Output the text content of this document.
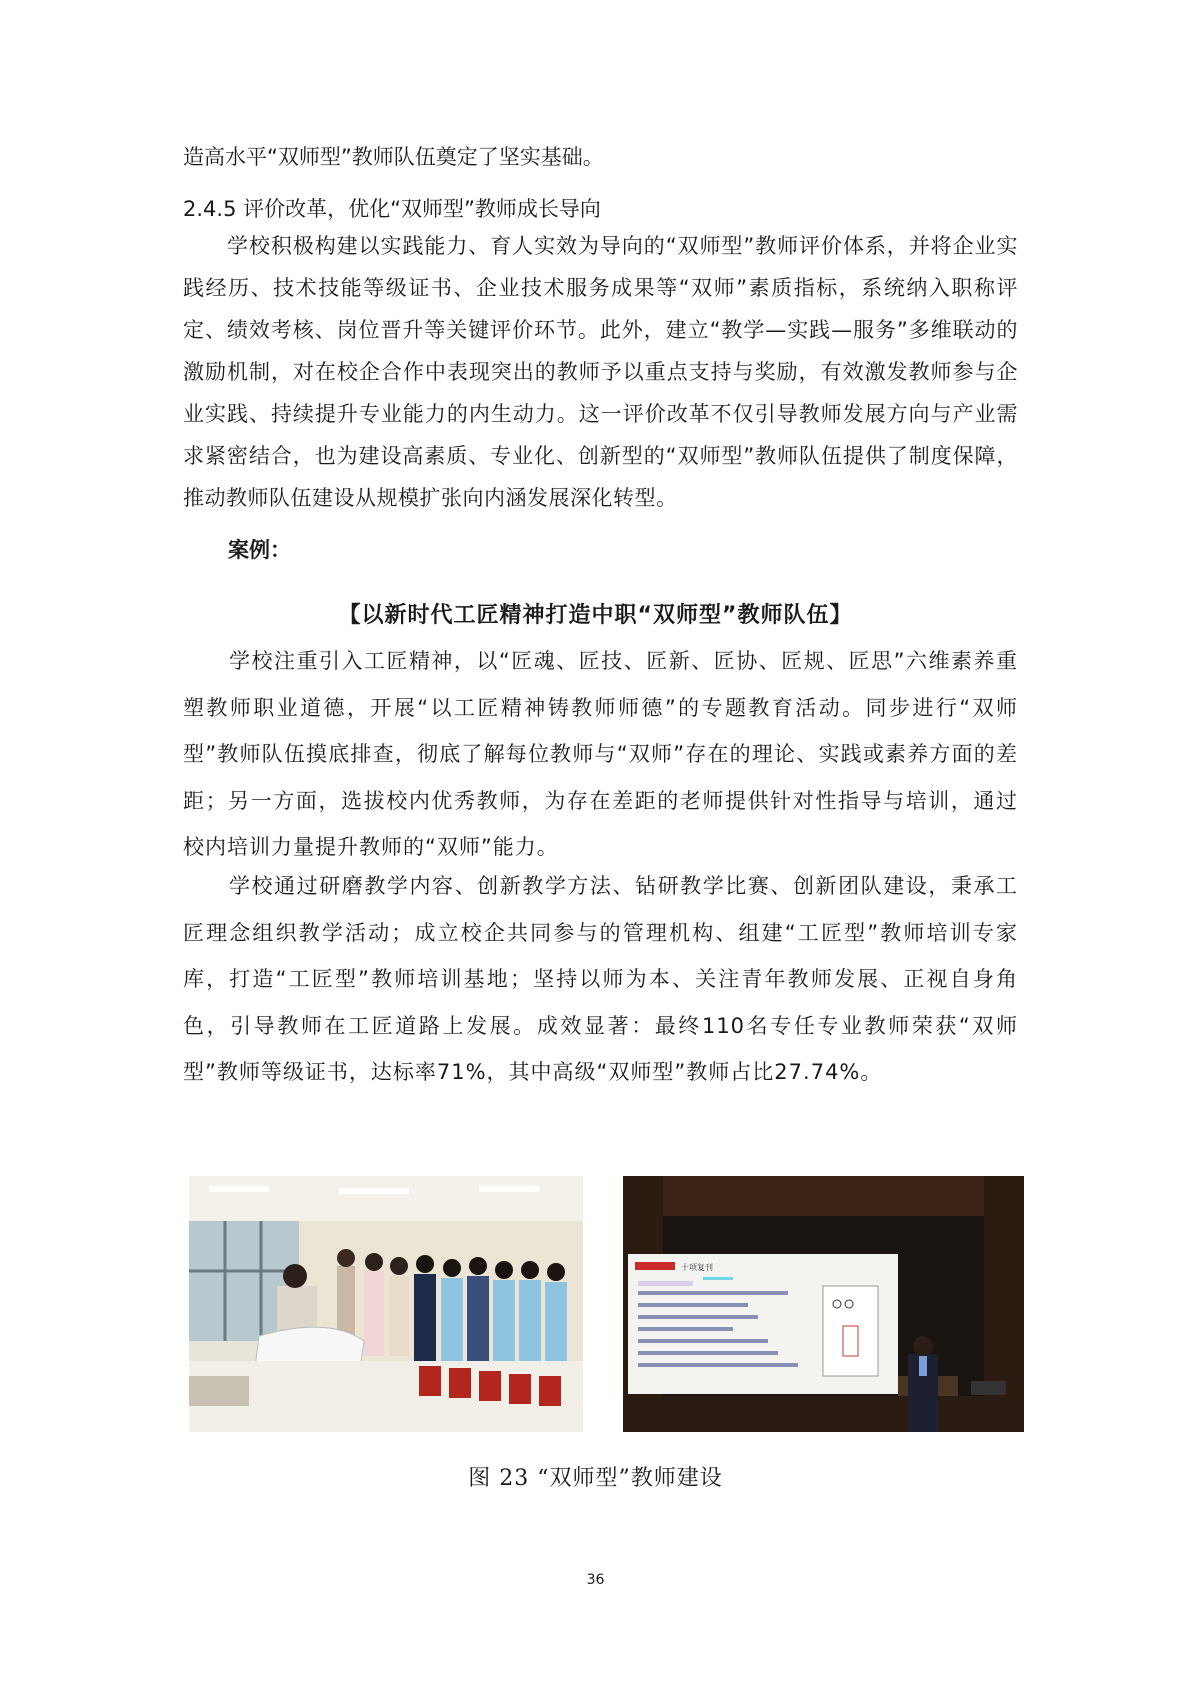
造高水平“双师型”教师队伍奠定了坚实基础。
2.4.5 评价改革，优化“双师型”教师成长导向

学校积极构建以实践能力、育人实效为导向的“双师型”教师评价体系，并将企业实践经历、技术技能等级证书、企业技术服务成果等“双师”素质指标，系统纳入职称评定、绩效考核、岗位晋升等关键评价环节。此外，建立“教学—实践—服务”多维联动的激励机制，对在校企合作中表现突出的教师予以重点支持与奖励，有效激发教师参与企业实践、持续提升专业能力的内生动力。这一评价改革不仅引导教师发展方向与产业需求紧密结合，也为建设高素质、专业化、创新型的“双师型”教师队伍提供了制度保障，推动教师队伍建设从规模扩张向内涵发展深化转型。

案例：
【以新时代工匠精神打造中职“双师型”教师队伍】

学校注重引入工匠精神，以“匠魂、匠技、匠新、匠协、匠规、匠思”六维素养重塑教师职业道德，开展“以工匠精神铸教师师德”的专题教育活动。同步进行“双师型”教师队伍摸底排查，彻底了解每位教师与“双师”存在的理论、实践或素养方面的差距；另一方面，选拔校内优秀教师，为存在差距的老师提供针对性指导与培训，通过校内培训力量提升教师的“双师”能力。

学校通过研磨教学内容、创新教学方法、钻研教学比赛、创新团队建设，秉承工匠理念组织教学活动；成立校企共同参与的管理机构、组建“工匠型”教师培训专家库，打造“工匠型”教师培训基地；坚持以师为本、关注青年教师发展、正视自身角色，引导教师在工匠道路上发展。成效显著：最终110名专任专业教师荣获“双师型”教师等级证书，达标率71%，其中高级“双师型”教师占比27.74%。

十项复刊
图 23 “双师型”教师建设
36
